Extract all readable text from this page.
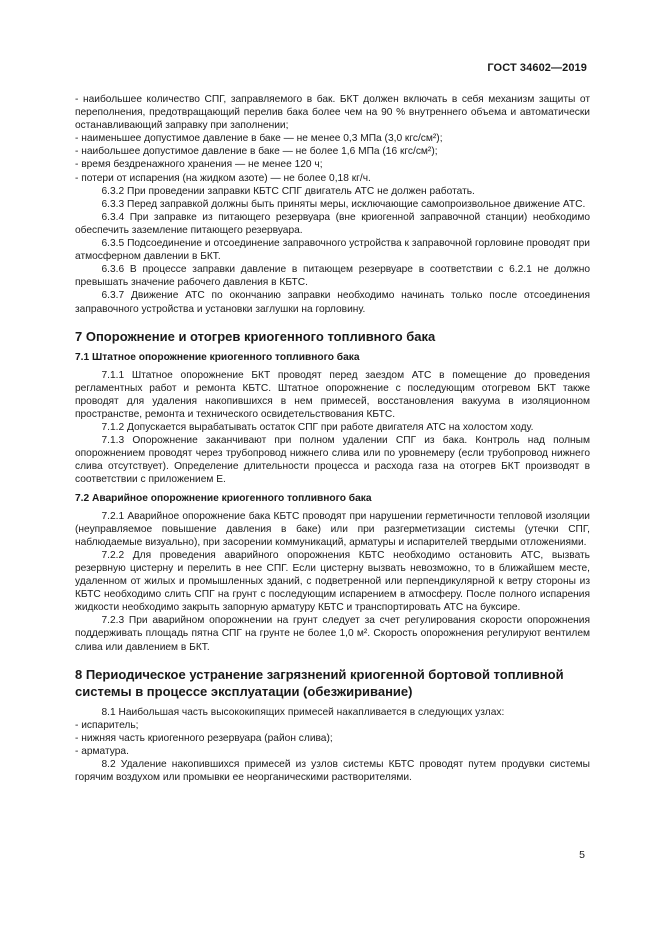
ГОСТ 34602—2019

- наибольшее количество СПГ, заправляемого в бак. БКТ должен включать в себя механизм защиты от переполнения, предотвращающий перелив бака более чем на 90 % внутреннего объема и автоматически останавливающий заправку при заполнении;

- наименьшее допустимое давление в баке — не менее 0,3 МПа (3,0 кгс/см²);

- наибольшее допустимое давление в баке — не более 1,6 МПа (16 кгс/см²);

- время бездренажного хранения — не менее 120 ч;

- потери от испарения (на жидком азоте) — не более 0,18 кг/ч.

6.3.2 При проведении заправки КБТС СПГ двигатель АТС не должен работать.

6.3.3 Перед заправкой должны быть приняты меры, исключающие самопроизвольное движение АТС.

6.3.4 При заправке из питающего резервуара (вне криогенной заправочной станции) необходимо обеспечить заземление питающего резервуара.

6.3.5 Подсоединение и отсоединение заправочного устройства к заправочной горловине проводят при атмосферном давлении в БКТ.

6.3.6 В процессе заправки давление в питающем резервуаре в соответствии с 6.2.1 не должно превышать значение рабочего давления в КБТС.

6.3.7 Движение АТС по окончанию заправки необходимо начинать только после отсоединения заправочного устройства и установки заглушки на горловину.

7 Опорожнение и отогрев криогенного топливного бака

7.1 Штатное опорожнение криогенного топливного бака

7.1.1 Штатное опорожнение БКТ проводят перед заездом АТС в помещение до проведения регламентных работ и ремонта КБТС. Штатное опорожнение с последующим отогревом БКТ также проводят для удаления накопившихся в нем примесей, восстановления вакуума в изоляционном пространстве, ремонта и технического освидетельствования КБТС.

7.1.2 Допускается вырабатывать остаток СПГ при работе двигателя АТС на холостом ходу.

7.1.3 Опорожнение заканчивают при полном удалении СПГ из бака. Контроль над полным опорожнением проводят через трубопровод нижнего слива или по уровнемеру (если трубопровод нижнего слива отсутствует). Определение длительности процесса и расхода газа на отогрев БКТ производят в соответствии с приложением Е.

7.2 Аварийное опорожнение криогенного топливного бака

7.2.1 Аварийное опорожнение бака КБТС проводят при нарушении герметичности тепловой изоляции (неуправляемое повышение давления в баке) или при разгерметизации системы (утечки СПГ, наблюдаемые визуально), при засорении коммуникаций, арматуры и испарителей твердыми отложениями.

7.2.2 Для проведения аварийного опорожнения КБТС необходимо остановить АТС, вызвать резервную цистерну и перелить в нее СПГ. Если цистерну вызвать невозможно, то в ближайшем месте, удаленном от жилых и промышленных зданий, с подветренной или перпендикулярной к ветру стороны из КБТС необходимо слить СПГ на грунт с последующим испарением в атмосферу. После полного испарения жидкости необходимо закрыть запорную арматуру КБТС и транспортировать АТС на буксире.

7.2.3 При аварийном опорожнении на грунт следует за счет регулирования скорости опорожнения поддерживать площадь пятна СПГ на грунте не более 1,0 м². Скорость опорожнения регулируют вентилем слива или давлением в БКТ.

8 Периодическое устранение загрязнений криогенной бортовой топливной системы в процессе эксплуатации (обезжиривание)

8.1 Наибольшая часть высококипящих примесей накапливается в следующих узлах:

- испаритель;

- нижняя часть криогенного резервуара (район слива);

- арматура.

8.2 Удаление накопившихся примесей из узлов системы КБТС проводят путем продувки системы горячим воздухом или промывки ее неорганическими растворителями.

5
